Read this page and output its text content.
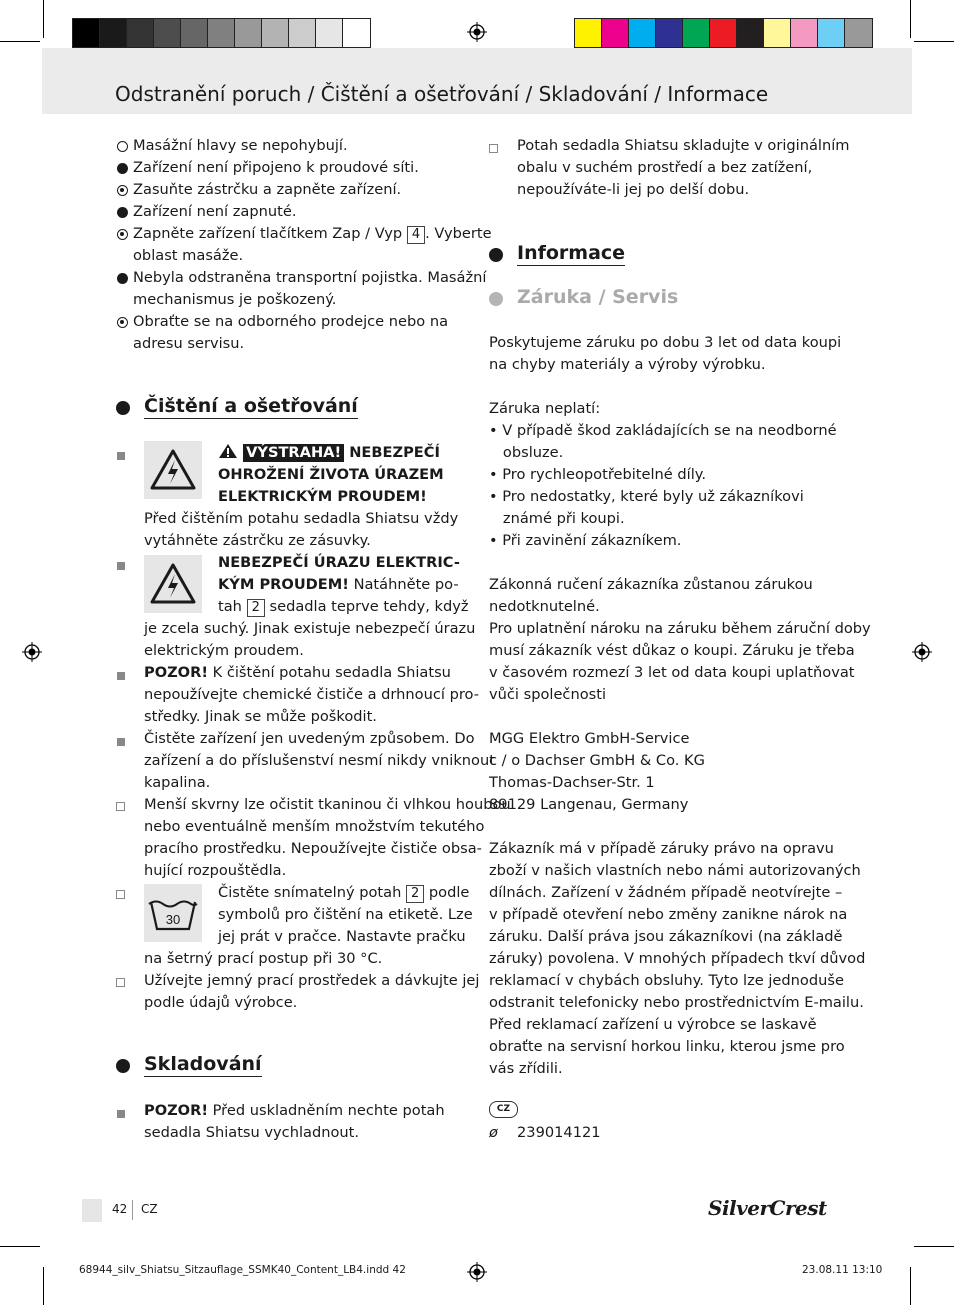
Odstranění poruch / Čištění a ošetřování / Skladování / Informace
Masážní hlavy se nepohybují.
Zařízení není připojeno k proudové síti.
Zasuňte zástrčku a zapněte zařízení.
Zařízení není zapnuté.
Zapněte zařízení tlačítkem Zap / Vyp 4 . Vyberte
oblast masáže.
Nebyla odstraněna transportní pojistka. Masážní
mechanismus je poškozený.
Obraťte se na odborného prodejce nebo na
adresu servisu.
Čištění a ošetřování
VÝSTRAHA! NEBEZPEČÍ
OHROŽENÍ ŽIVOTA ÚRAZEM
ELEKTRICKÝM PROUDEM!
Před čištěním potahu sedadla Shiatsu vždy
vytáhněte zástrčku ze zásuvky.
NEBEZPEČÍ ÚRAZU ELEKTRIC-
KÝM PROUDEM! Natáhněte po-
tah 2 sedadla teprve tehdy, když
je zcela suchý. Jinak existuje nebezpečí úrazu
elektrickým proudem.
POZOR! K čištění potahu sedadla Shiatsu
nepoužívejte chemické čističe a drhnoucí pro-
středky. Jinak se může poškodit.
Čistěte zařízení jen uvedeným způsobem. Do
zařízení a do příslušenství nesmí nikdy vniknout
kapalina.
Menší skvrny lze očistit tkaninou či vlhkou houbou
nebo eventuálně menším množstvím tekutého
pracího prostředku. Nepoužívejte čističe obsa-
hující rozpouštědla.
30
Čistěte snímatelný potah 2 podle
symbolů pro čištění na etiketě. Lze
jej prát v pračce. Nastavte pračku
na šetrný prací postup při 30 °C.
Užívejte jemný prací prostředek a dávkujte jej
podle údajů výrobce.
Skladování
POZOR! Před uskladněním nechte potah
sedadla Shiatsu vychladnout.
Potah sedadla Shiatsu skladujte v originálním
obalu v suchém prostředí a bez zatížení,
nepoužíváte-li jej po delší dobu.
Informace
Záruka / Servis
Poskytujeme záruku po dobu 3 let od data koupi
na chyby materiály a výroby výrobku.
Záruka neplatí:
• V případě škod zakládajících se na neodborné
obsluze.
• Pro rychleopotřebitelné díly.
• Pro nedostatky, které byly už zákazníkovi
známé při koupi.
• Při zavinění zákazníkem.
Zákonná ručení zákazníka zůstanou zárukou
nedotknutelné.
Pro uplatnění nároku na záruku během záruční doby
musí zákazník vést důkaz o koupi. Záruku je třeba
v časovém rozmezí 3 let od data koupi uplatňovat
vůči společnosti
MGG Elektro GmbH-Service
c / o Dachser GmbH & Co. KG
Thomas-Dachser-Str. 1
89129 Langenau, Germany
Zákazník má v případě záruky právo na opravu
zboží v našich vlastních nebo námi autorizovaných
dílnách. Zařízení v žádném případě neotvírejte –
v případě otevření nebo změny zanikne nárok na
záruku. Další práva jsou zákazníkovi (na základě
záruky) povolena. V mnohých případech tkví důvod
reklamací v chybách obsluhy. Tyto lze jednoduše
odstranit telefonicky nebo prostřednictvím E-mailu.
Před reklamací zařízení u výrobce se laskavě
obraťte na servisní horkou linku, kterou jsme pro
vás zřídili.
CZ
ø 239014121
42 CZ	SilverCrest
68944_silv_Shiatsu_Sitzauflage_SSMK40_Content_LB4.indd 42	23.08.11 13:10
